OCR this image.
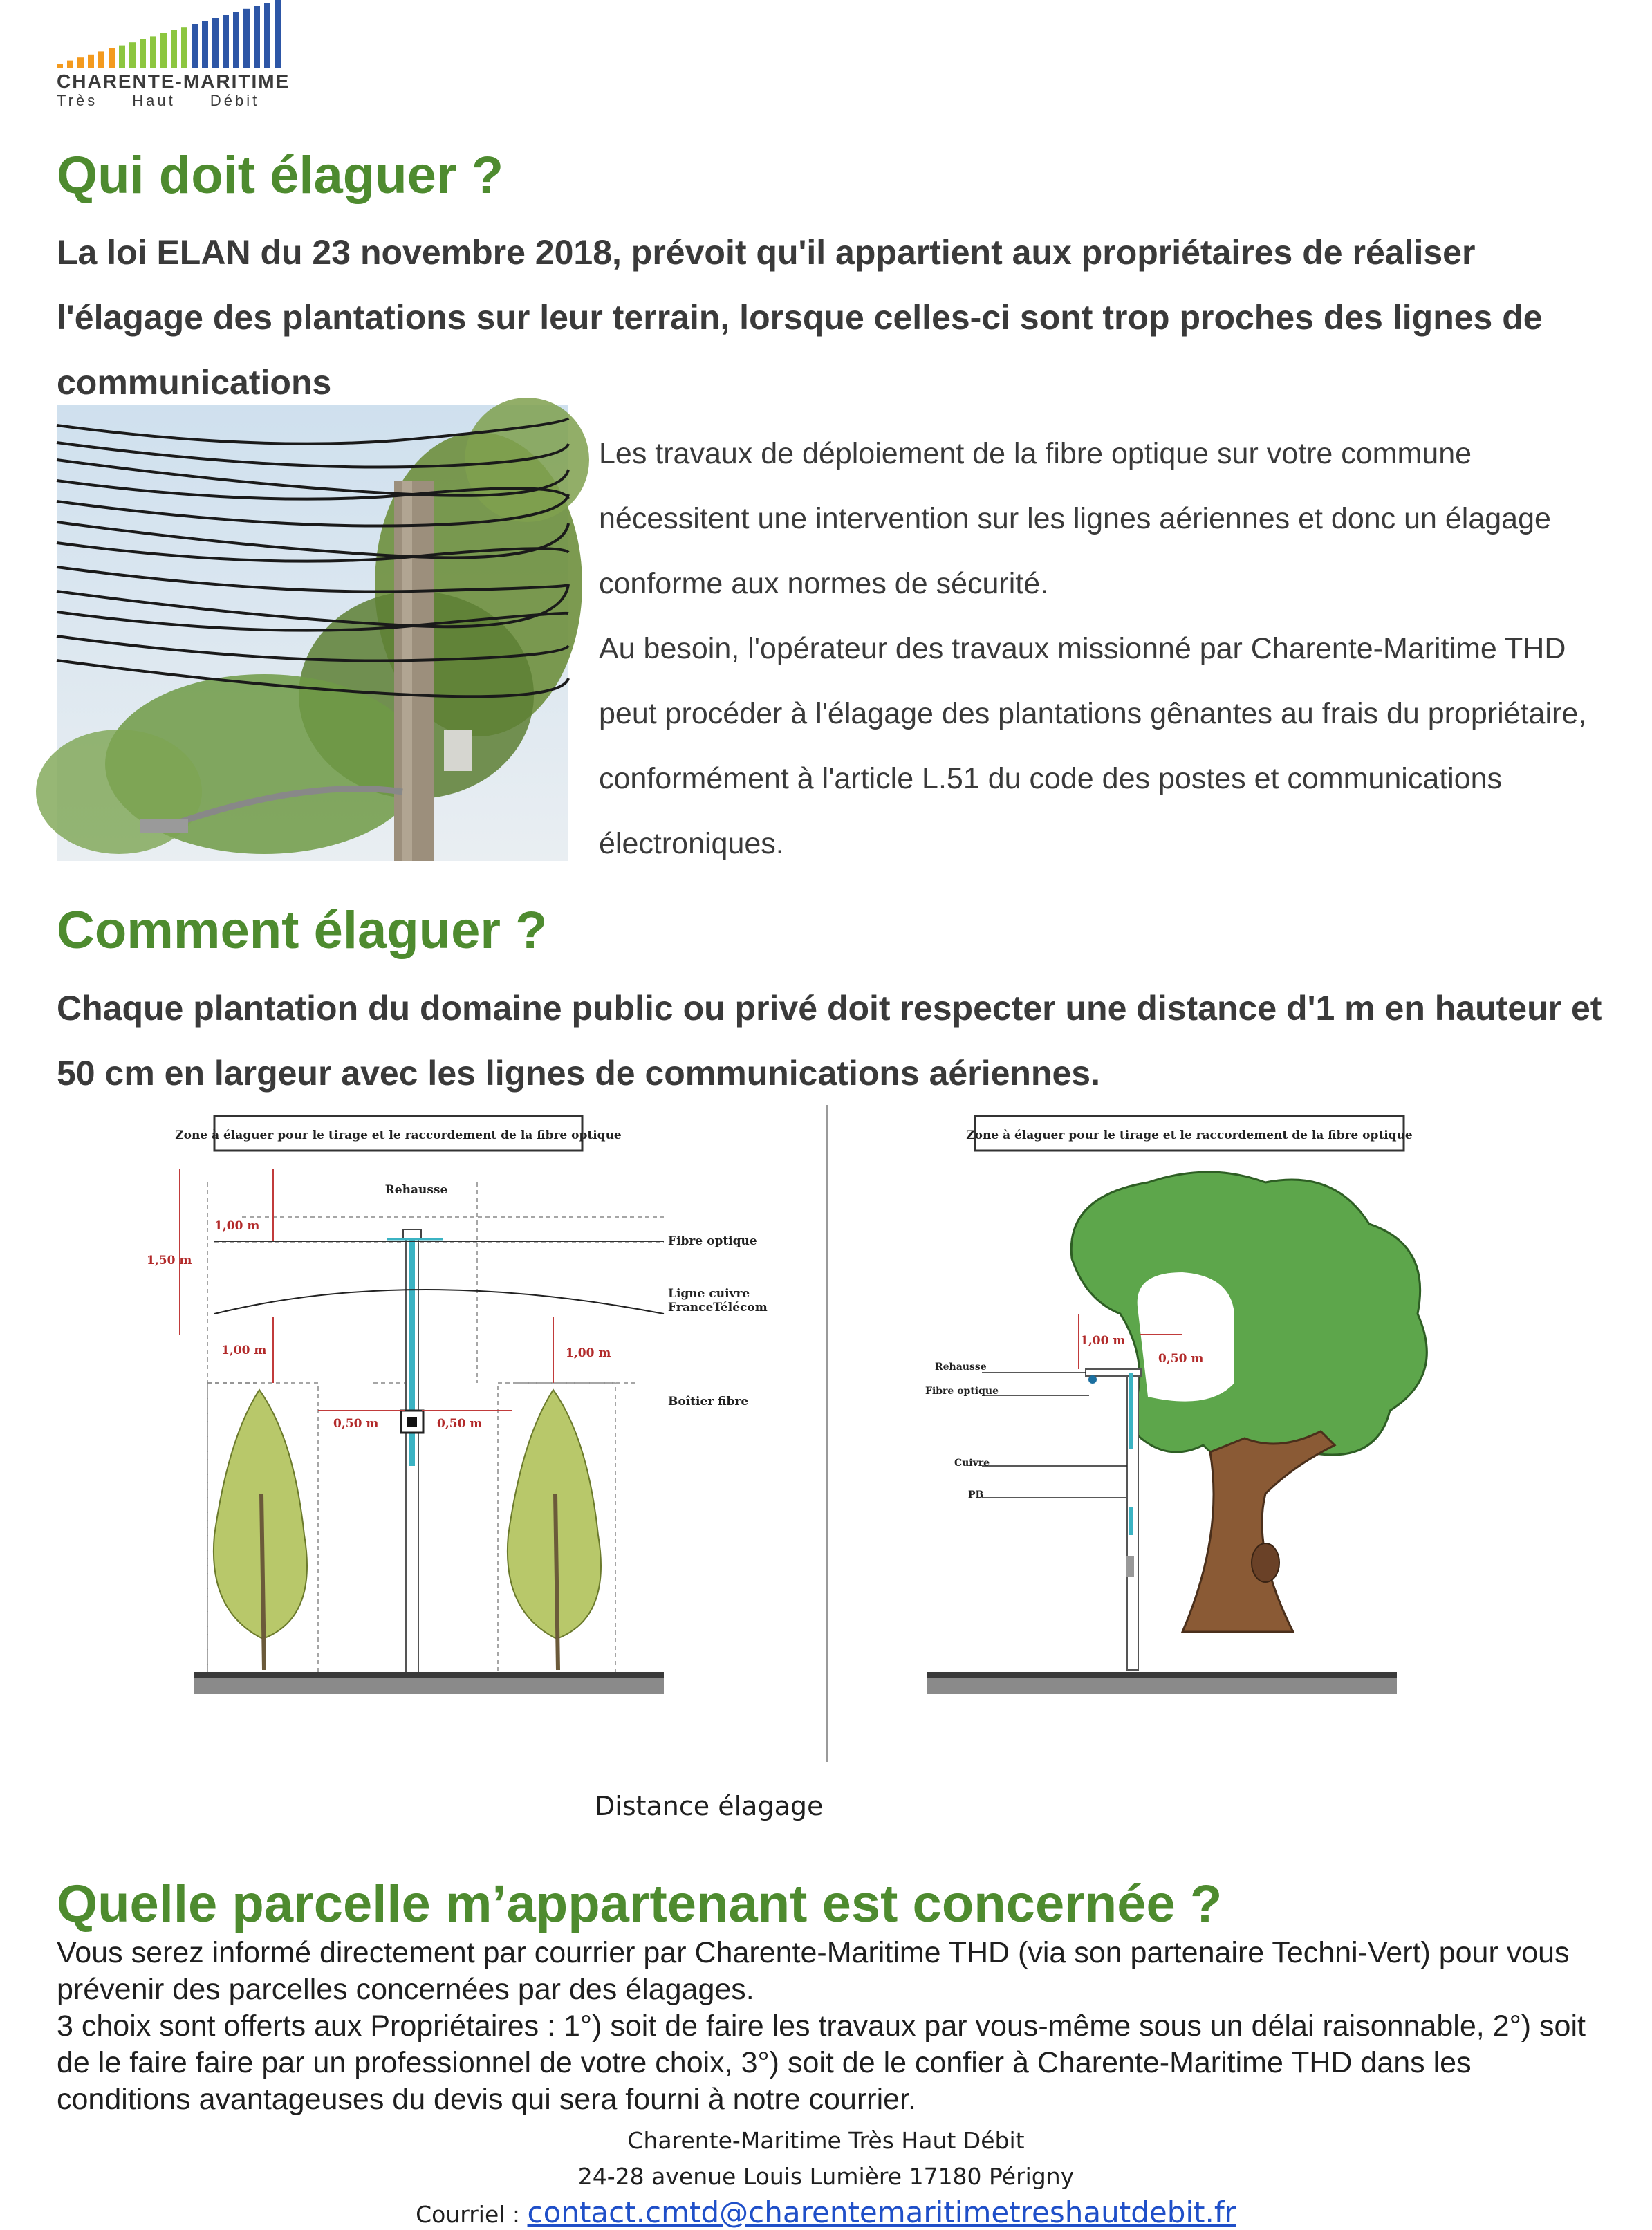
CHARENTE-MARITIME
Très Haut Débit
Qui doit élaguer ?

La loi ELAN du 23 novembre 2018, prévoit qu'il appartient aux propriétaires de réaliser l'élagage des plantations sur leur terrain, lorsque celles-ci sont trop proches des lignes de communications

Les travaux de déploiement de la fibre optique sur votre commune nécessitent une intervention sur les lignes aériennes et donc un élagage conforme aux normes de sécurité.

Au besoin, l'opérateur des travaux missionné par Charente-Maritime THD peut procéder à l'élagage des plantations gênantes au frais du propriétaire, conformément à l'article L.51 du code des postes et communications électroniques.

Comment élaguer ?

Chaque plantation du domaine public ou privé doit respecter une distance d'1 m en hauteur et 50 cm en largeur avec les lignes de communications aériennes.

Zone à élaguer pour le tirage et le raccordement de la fibre optique
1,00 m
1,50 m
1,00 m	1,00 m
0,50 m	0,50 m
Rehausse
Fibre optique
Ligne cuivre
FranceTélécom
Boîtier fibre
Zone à élaguer pour le tirage et le raccordement de la fibre optique
1,00 m
0,50 m
Rehausse
Fibre optique
Cuivre
PB
Distance élagage
Quelle parcelle m’appartenant est concernée ?

Vous serez informé directement par courrier par Charente-Maritime THD (via son partenaire Techni-Vert) pour vous prévenir des parcelles concernées par des élagages.

3 choix sont offerts aux Propriétaires : 1°) soit de faire les travaux par vous-même sous un délai raisonnable, 2°) soit de le faire faire par un professionnel de votre choix, 3°) soit de le confier à Charente-Maritime THD dans les conditions avantageuses du devis qui sera fourni à notre courrier.

Charente-Maritime Très Haut Débit
24-28 avenue Louis Lumière 17180 Périgny
Courriel : contact.cmtd@charentemaritimetreshautdebit.fr
